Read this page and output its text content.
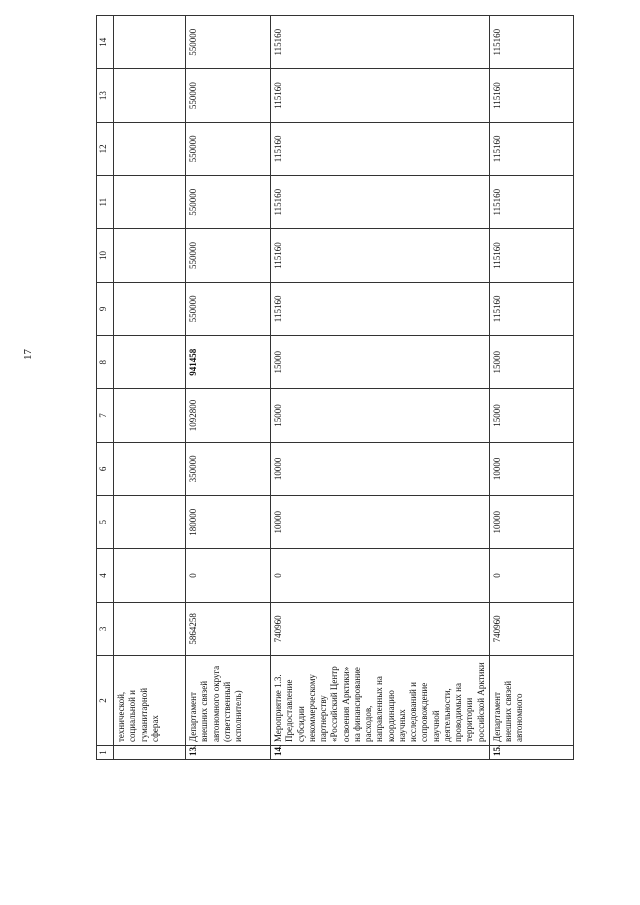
17
1	2	3	4	5	6	7	8	9	10	11	12	13	14
	технической, социальной и гуманитарной сферах												
13.	Департамент внешних связей автономного округа (ответственный исполнитель)	5864258	0	180000	350000	1092800	941458	550000	550000	550000	550000	550000	550000
14.	Мероприятие 1.3. Предоставление субсидии некоммерческому партнерству «Российский Центр освоения Арктики» на финансирование расходов, направленных на координацию научных исследований и сопровождение научной деятельности, проводимых на территории российской Арктики	740960	0	10000	10000	15000	15000	115160	115160	115160	115160	115160	115160
15.	Департамент внешних связей автономного	740960	0	10000	10000	15000	15000	115160	115160	115160	115160	115160	115160
